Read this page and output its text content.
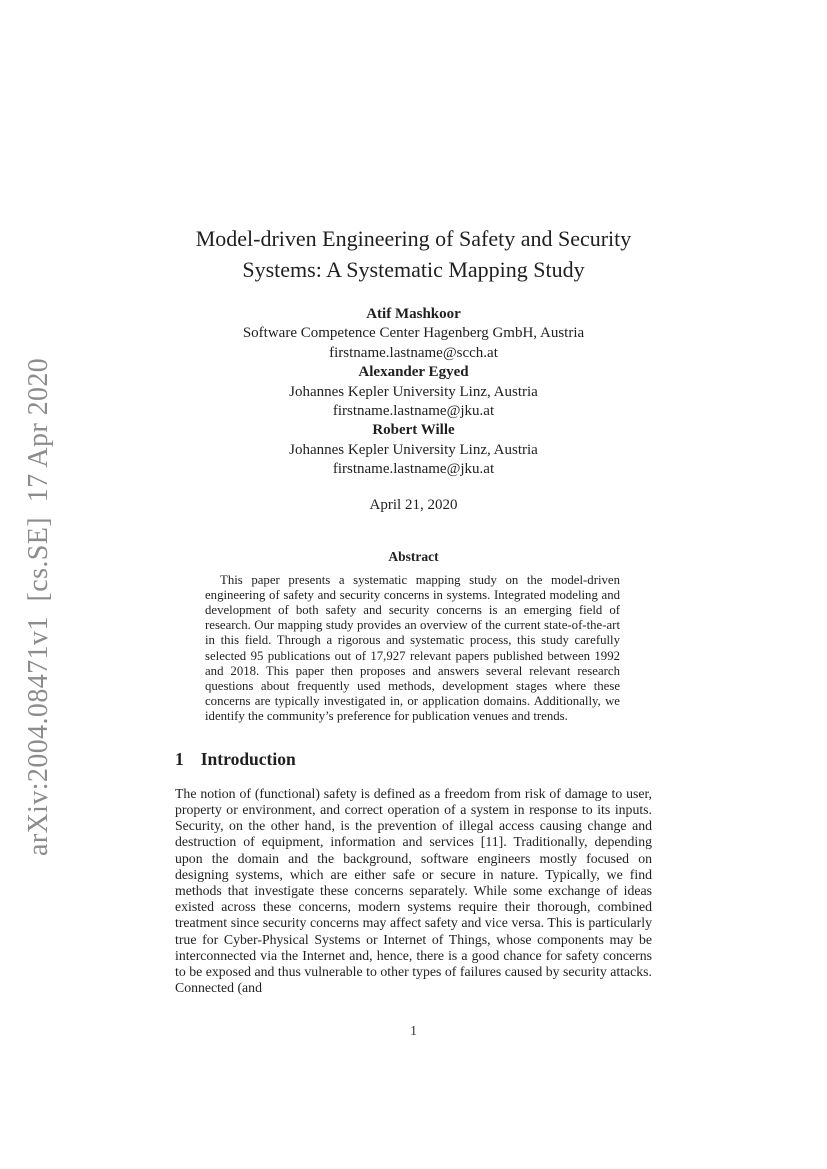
arXiv:2004.08471v1  [cs.SE]  17 Apr 2020
Model-driven Engineering of Safety and Security
Systems: A Systematic Mapping Study
Atif Mashkoor
Software Competence Center Hagenberg GmbH, Austria
firstname.lastname@scch.at
Alexander Egyed
Johannes Kepler University Linz, Austria
firstname.lastname@jku.at
Robert Wille
Johannes Kepler University Linz, Austria
firstname.lastname@jku.at
April 21, 2020
Abstract
This paper presents a systematic mapping study on the model-driven engineering of safety and security concerns in systems. Integrated modeling and development of both safety and security concerns is an emerging field of research. Our mapping study provides an overview of the current state-of-the-art in this field. Through a rigorous and systematic process, this study carefully selected 95 publications out of 17,927 relevant papers published between 1992 and 2018. This paper then proposes and answers several relevant research questions about frequently used methods, development stages where these concerns are typically investigated in, or application domains. Additionally, we identify the community’s preference for publication venues and trends.
1 Introduction
The notion of (functional) safety is defined as a freedom from risk of damage to user, property or environment, and correct operation of a system in response to its inputs. Security, on the other hand, is the prevention of illegal access causing change and destruction of equipment, information and services [11]. Traditionally, depending upon the domain and the background, software engineers mostly focused on designing systems, which are either safe or secure in nature. Typically, we find methods that investigate these concerns separately. While some exchange of ideas existed across these concerns, modern systems require their thorough, combined treatment since security concerns may affect safety and vice versa. This is particularly true for Cyber-Physical Systems or Internet of Things, whose components may be interconnected via the Internet and, hence, there is a good chance for safety concerns to be exposed and thus vulnerable to other types of failures caused by security attacks. Connected (and
1
